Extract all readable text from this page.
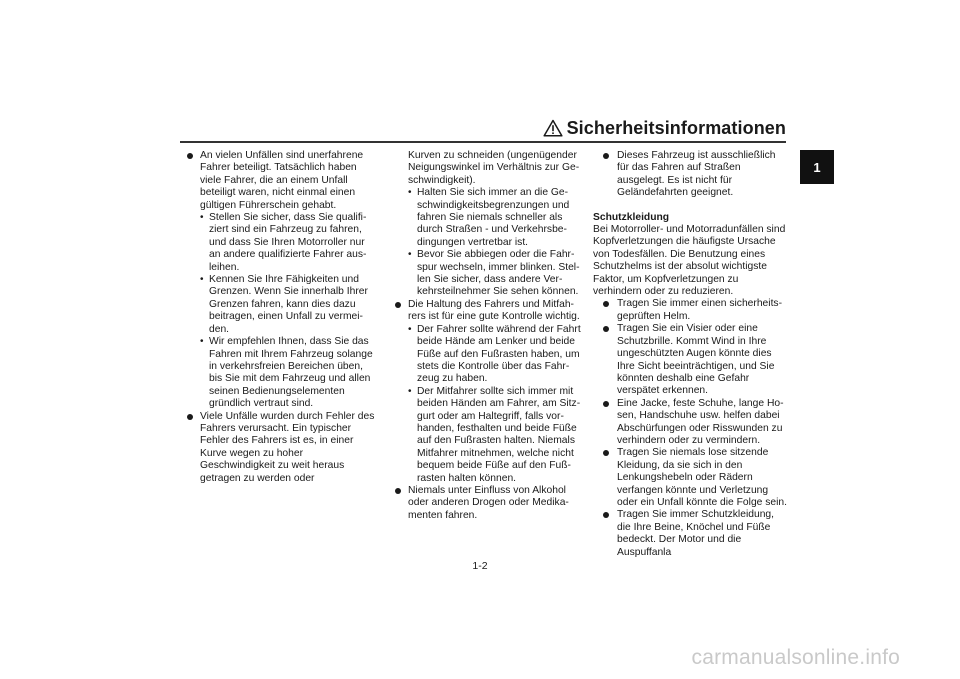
Sicherheitsinformationen
1
An vielen Unfällen sind unerfahrene Fahrer beteiligt. Tatsächlich haben viele Fahrer, die an einem Unfall beteiligt waren, nicht einmal einen gültigen Führerschein gehabt.
• Stellen Sie sicher, dass Sie qualifiziert sind ein Fahrzeug zu fahren, und dass Sie Ihren Motorroller nur an andere qualifizierte Fahrer ausleihen.
• Kennen Sie Ihre Fähigkeiten und Grenzen. Wenn Sie innerhalb Ihrer Grenzen fahren, kann dies dazu beitragen, einen Unfall zu vermeiden.
• Wir empfehlen Ihnen, dass Sie das Fahren mit Ihrem Fahrzeug solange in verkehrsfreien Bereichen üben, bis Sie mit dem Fahrzeug und allen seinen Bedienungselementen gründlich vertraut sind.
Viele Unfälle wurden durch Fehler des Fahrers verursacht. Ein typischer Fehler des Fahrers ist es, in einer Kurve wegen zu hoher Geschwindigkeit zu weit heraus getragen zu werden oder
Kurven zu schneiden (ungenügender Neigungswinkel im Verhältnis zur Geschwindigkeit).
• Halten Sie sich immer an die Geschwindigkeitsbegrenzungen und fahren Sie niemals schneller als durch Straßen - und Verkehrsbedingungen vertretbar ist.
• Bevor Sie abbiegen oder die Fahrspur wechseln, immer blinken. Stellen Sie sicher, dass andere Verkehrsteilnehmer Sie sehen können.
Die Haltung des Fahrers und Mitfahrers ist für eine gute Kontrolle wichtig.
• Der Fahrer sollte während der Fahrt beide Hände am Lenker und beide Füße auf den Fußrasten haben, um stets die Kontrolle über das Fahrzeug zu haben.
• Der Mitfahrer sollte sich immer mit beiden Händen am Fahrer, am Sitzgurt oder am Haltegriff, falls vorhanden, festhalten und beide Füße auf den Fußrasten halten. Niemals Mitfahrer mitnehmen, welche nicht bequem beide Füße auf den Fußrasten halten können.
Niemals unter Einfluss von Alkohol oder anderen Drogen oder Medikamenten fahren.
Dieses Fahrzeug ist ausschließlich für das Fahren auf Straßen ausgelegt. Es ist nicht für Geländefahrten geeignet.
Schutzkleidung
Bei Motorroller- und Motorradunfällen sind Kopfverletzungen die häufigste Ursache von Todesfällen. Die Benutzung eines Schutzhelms ist der absolut wichtigste Faktor, um Kopfverletzungen zu verhindern oder zu reduzieren.
Tragen Sie immer einen sicherheitsgeprüften Helm.
Tragen Sie ein Visier oder eine Schutzbrille. Kommt Wind in Ihre ungeschützten Augen könnte dies Ihre Sicht beeinträchtigen, und Sie könnten deshalb eine Gefahr verspätet erkennen.
Eine Jacke, feste Schuhe, lange Hosen, Handschuhe usw. helfen dabei Abschürfungen oder Risswunden zu verhindern oder zu vermindern.
Tragen Sie niemals lose sitzende Kleidung, da sie sich in den Lenkungshebeln oder Rädern verfangen könnte und Verletzung oder ein Unfall könnte die Folge sein.
Tragen Sie immer Schutzkleidung, die Ihre Beine, Knöchel und Füße bedeckt. Der Motor und die Auspuffanla
1-2
carmanualsonline.info
